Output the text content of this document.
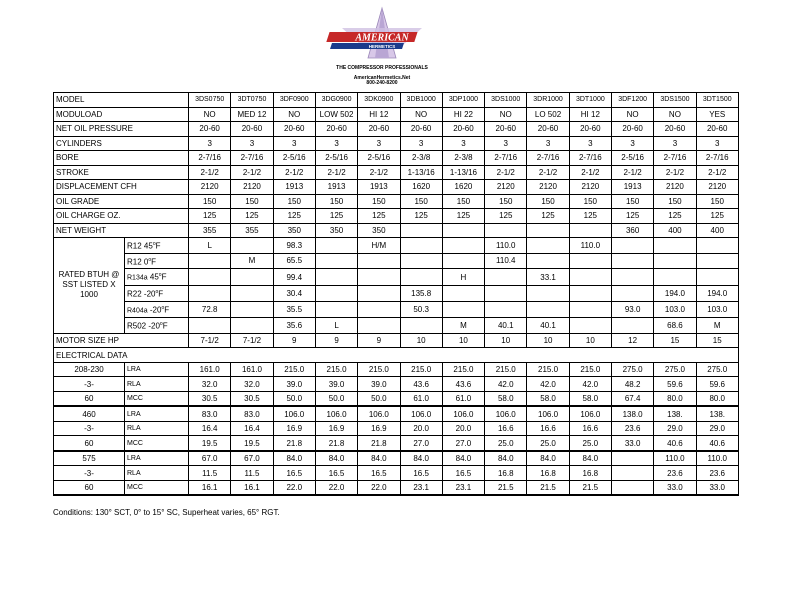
AMERICAN
HERMETICS
THE COMPRESSOR PROFESSIONALS
AmericanHermetics.Net
800-240-8200
MODEL		3DS0750	3DT0750	3DF0900	3DG0900	3DK0900	3DB1000	3DP1000	3DS1000	3DR1000	3DT1000	3DF1200	3DS1500	3DT1500
MODULOAD		NO	MED 12	NO	LOW 502	HI 12	NO	HI 22	NO	LO 502	HI 12	NO	NO	YES
NET OIL PRESSURE		20-60	20-60	20-60	20-60	20-60	20-60	20-60	20-60	20-60	20-60	20-60	20-60	20-60
CYLINDERS		3	3	3	3	3	3	3	3	3	3	3	3	3
BORE		2-7/16	2-7/16	2-5/16	2-5/16	2-5/16	2-3/8	2-3/8	2-7/16	2-7/16	2-7/16	2-5/16	2-7/16	2-7/16
STROKE		2-1/2	2-1/2	2-1/2	2-1/2	2-1/2	1-13/16	1-13/16	2-1/2	2-1/2	2-1/2	2-1/2	2-1/2	2-1/2
DISPLACEMENT CFH		2120	2120	1913	1913	1913	1620	1620	2120	2120	2120	1913	2120	2120
OIL GRADE		150	150	150	150	150	150	150	150	150	150	150	150	150
OIL CHARGE OZ.		125	125	125	125	125	125	125	125	125	125	125	125	125
NET WEIGHT		355	355	350	350	350						360	400	400
RATED BTUH @ SST LISTED X 1000	R12 45$^o$F	L		98.3		H/M			110.0		110.0			
	R12 0$^o$F		M	65.5					110.4					
	R134a 45$^o$F			99.4				H		33.1				
	R22 -20$^o$F			30.4			135.8						194.0	194.0
	R404a -20$^o$F	72.8		35.5			50.3					93.0	103.0	103.0
	R502 -20$^o$F			35.6	L			M	40.1	40.1			68.6	M
MOTOR SIZE HP		7-1/2	7-1/2	9	9	9	10	10	10	10	10	12	15	15
ELECTRICAL DATA														
208-230	LRA	161.0	161.0	215.0	215.0	215.0	215.0	215.0	215.0	215.0	215.0	275.0	275.0	275.0
-3-	RLA	32.0	32.0	39.0	39.0	39.0	43.6	43.6	42.0	42.0	42.0	48.2	59.6	59.6
60	MCC	30.5	30.5	50.0	50.0	50.0	61.0	61.0	58.0	58.0	58.0	67.4	80.0	80.0
460	LRA	83.0	83.0	106.0	106.0	106.0	106.0	106.0	106.0	106.0	106.0	138.0	138.	138.
-3-	RLA	16.4	16.4	16.9	16.9	16.9	20.0	20.0	16.6	16.6	16.6	23.6	29.0	29.0
60	MCC	19.5	19.5	21.8	21.8	21.8	27.0	27.0	25.0	25.0	25.0	33.0	40.6	40.6
575	LRA	67.0	67.0	84.0	84.0	84.0	84.0	84.0	84.0	84.0	84.0		110.0	110.0
-3-	RLA	11.5	11.5	16.5	16.5	16.5	16.5	16.5	16.8	16.8	16.8		23.6	23.6
60	MCC	16.1	16.1	22.0	22.0	22.0	23.1	23.1	21.5	21.5	21.5		33.0	33.0
Conditions: 130° SCT, 0° to 15° SC, Superheat varies, 65° RGT.
